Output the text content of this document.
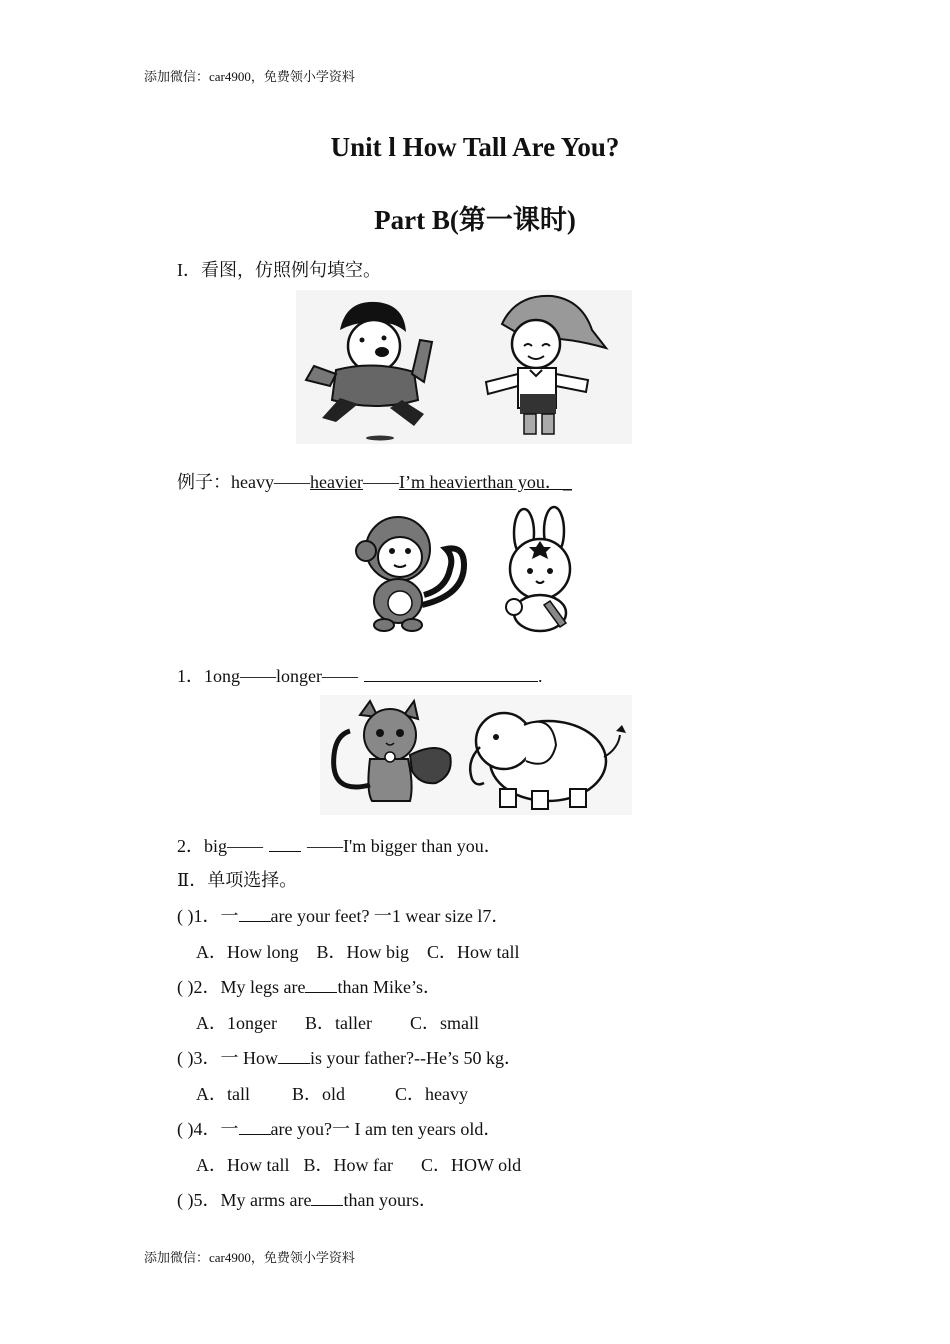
添加微信：car4900，免费领小学资料
Unit l How Tall Are You?
Part B(第一课时)
I．看图，仿照例句填空。
例子：heavy——heavier——I’m heavierthan you．_
1．1ong——longer——	.
2．big—— ——I'm bigger than you．
Ⅱ．单项选择。
( )1．一 are your feet? 一1 wear size l7．
A．How long B．How big C．How tall
( )2．My legs are than Mike’s．
A．1onger B．taller C．small
( )3．一 How is your father?--He’s 50 kg．
A．tall B．old	C．heavy
( )4．一 are you?一 I am ten years old．
A．How tall B．How far C．HOW old
( )5．My arms are than yours．
添加微信：car4900，免费领小学资料
